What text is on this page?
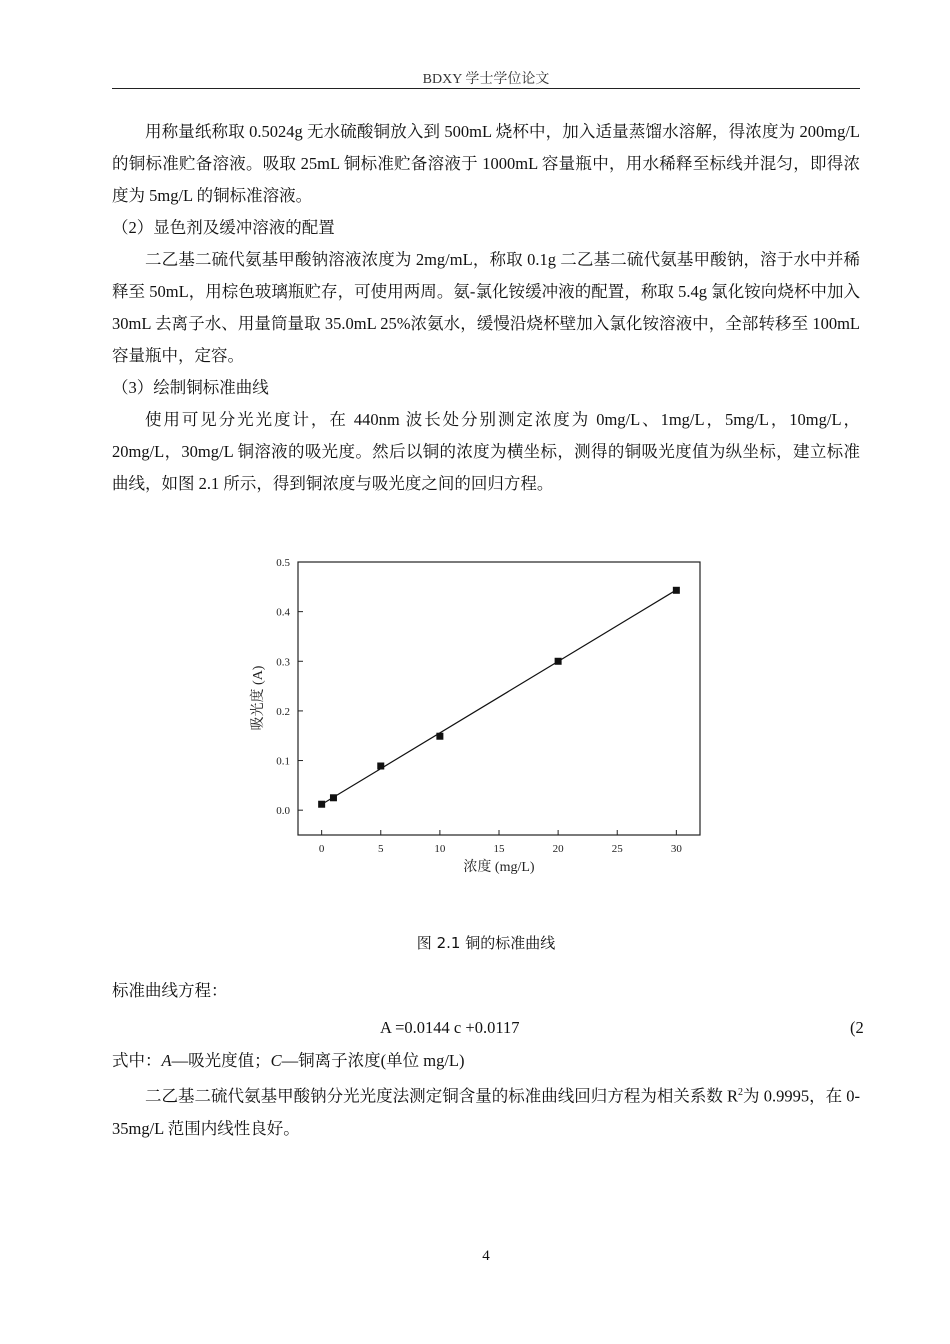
BDXY 学士学位论文

用称量纸称取 0.5024g 无水硫酸铜放入到 500mL 烧杯中，加入适量蒸馏水溶解，得浓度为 200mg/L 的铜标准贮备溶液。吸取 25mL 铜标准贮备溶液于 1000mL 容量瓶中，用水稀释至标线并混匀，即得浓度为 5mg/L 的铜标准溶液。

（2）显色剂及缓冲溶液的配置

二乙基二硫代氨基甲酸钠溶液浓度为 2mg/mL，称取 0.1g 二乙基二硫代氨基甲酸钠，溶于水中并稀释至 50mL，用棕色玻璃瓶贮存，可使用两周。氨-氯化铵缓冲液的配置，称取 5.4g 氯化铵向烧杯中加入 30mL 去离子水、用量筒量取 35.0mL 25%浓氨水，缓慢沿烧杯壁加入氯化铵溶液中，全部转移至 100mL 容量瓶中，定容。

（3）绘制铜标准曲线

使用可见分光光度计，在 440nm 波长处分别测定浓度为 0mg/L、1mg/L，5mg/L，10mg/L，20mg/L，30mg/L 铜溶液的吸光度。然后以铜的浓度为横坐标，测得的铜吸光度值为纵坐标，建立标准曲线，如图 2.1 所示，得到铜浓度与吸光度之间的回归方程。

0.0
0.1
0.2
0.3
0.4
0.5
0	5	10	15	20	25	30
浓度 (mg/L)
吸光度 (A)
图 2.1 铜的标准曲线
标准曲线方程：
A =0.0144 c +0.0117	(2

式中：A—吸光度值；C—铜离子浓度(单位 mg/L)

二乙基二硫代氨基甲酸钠分光光度法测定铜含量的标准曲线回归方程为相关系数 $R^2$为 0.9995，在 0-35mg/L 范围内线性良好。

4
